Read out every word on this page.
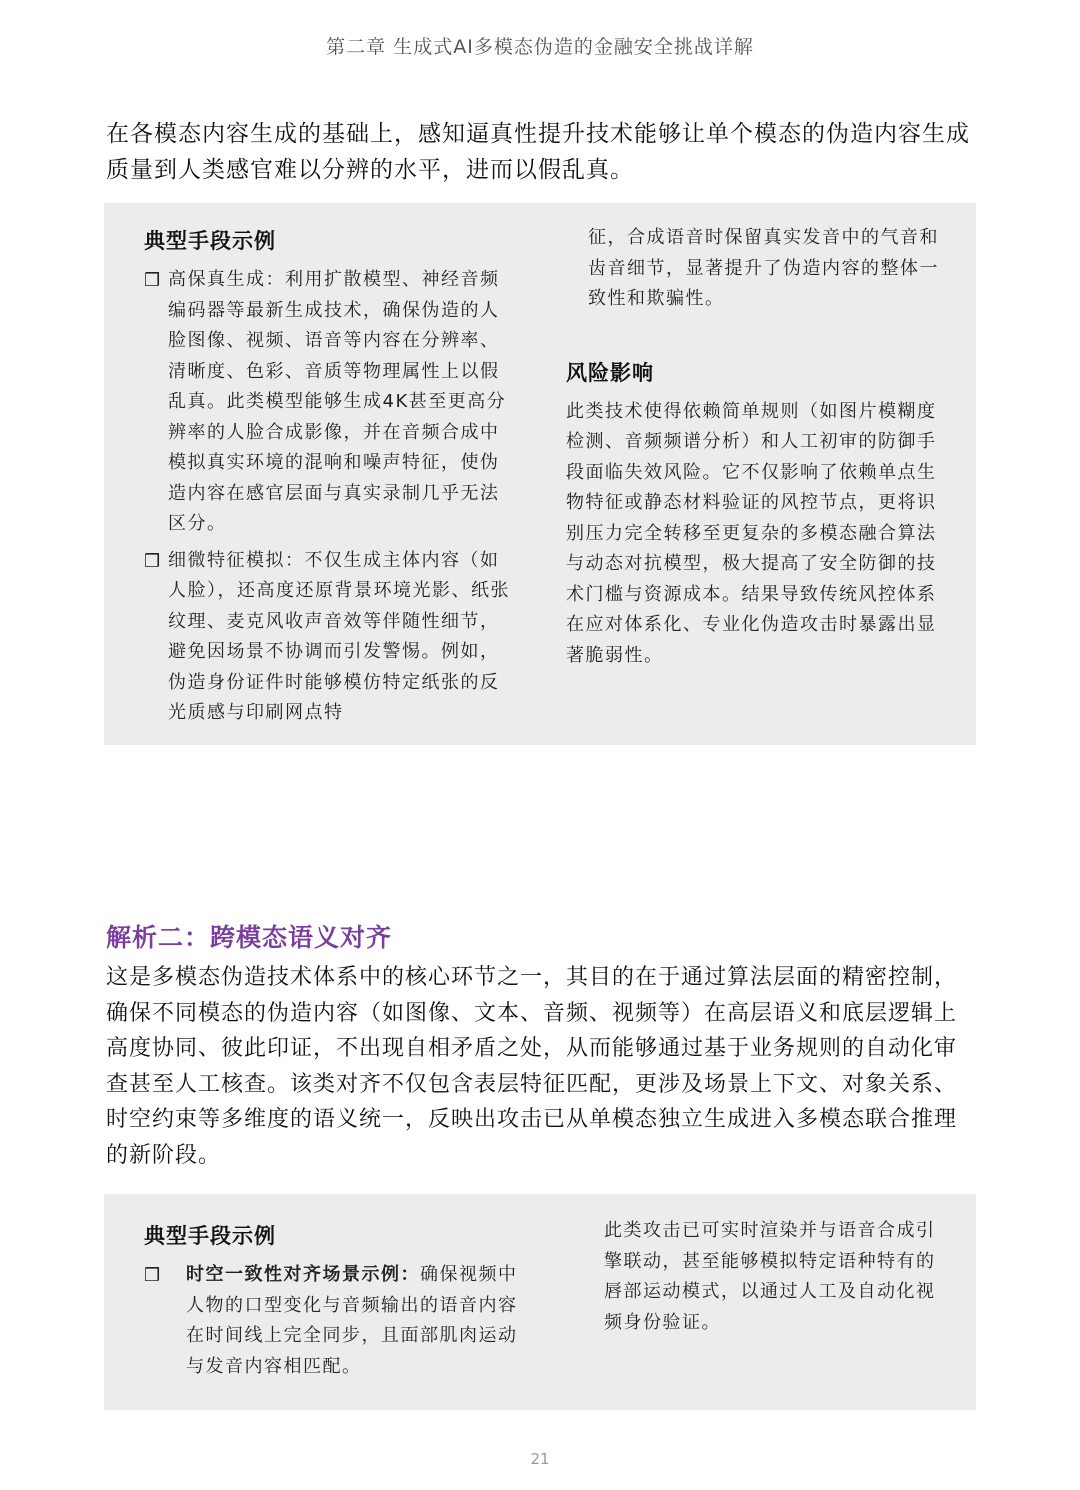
第二章 生成式AI多模态伪造的金融安全挑战详解

在各模态内容生成的基础上，感知逼真性提升技术能够让单个模态的伪造内容生成质量到人类感官难以分辨的水平，进而以假乱真。

典型手段示例
❒ 高保真生成：利用扩散模型、神经音频编码器等最新生成技术，确保伪造的人脸图像、视频、语音等内容在分辨率、清晰度、色彩、音质等物理属性上以假乱真。此类模型能够生成4K甚至更高分辨率的人脸合成影像，并在音频合成中模拟真实环境的混响和噪声特征，使伪造内容在感官层面与真实录制几乎无法区分。
❒ 细微特征模拟：不仅生成主体内容（如人脸），还高度还原背景环境光影、纸张纹理、麦克风收声音效等伴随性细节，避免因场景不协调而引发警惕。例如，伪造身份证件时能够模仿特定纸张的反光质感与印刷网点特

征，合成语音时保留真实发音中的气音和齿音细节，显著提升了伪造内容的整体一致性和欺骗性。

风险影响

此类技术使得依赖简单规则（如图片模糊度检测、音频频谱分析）和人工初审的防御手段面临失效风险。它不仅影响了依赖单点生物特征或静态材料验证的风控节点，更将识别压力完全转移至更复杂的多模态融合算法与动态对抗模型，极大提高了安全防御的技术门槛与资源成本。结果导致传统风控体系在应对体系化、专业化伪造攻击时暴露出显著脆弱性。

解析二：跨模态语义对齐

这是多模态伪造技术体系中的核心环节之一，其目的在于通过算法层面的精密控制，确保不同模态的伪造内容（如图像、文本、音频、视频等）在高层语义和底层逻辑上高度协同、彼此印证，不出现自相矛盾之处，从而能够通过基于业务规则的自动化审查甚至人工核查。该类对齐不仅包含表层特征匹配，更涉及场景上下文、对象关系、时空约束等多维度的语义统一，反映出攻击已从单模态独立生成进入多模态联合推理的新阶段。

典型手段示例
❒ 时空一致性对齐场景示例：确保视频中人物的口型变化与音频输出的语音内容在时间线上完全同步，且面部肌肉运动与发音内容相匹配。

此类攻击已可实时渲染并与语音合成引擎联动，甚至能够模拟特定语种特有的唇部运动模式，以通过人工及自动化视频身份验证。

21
